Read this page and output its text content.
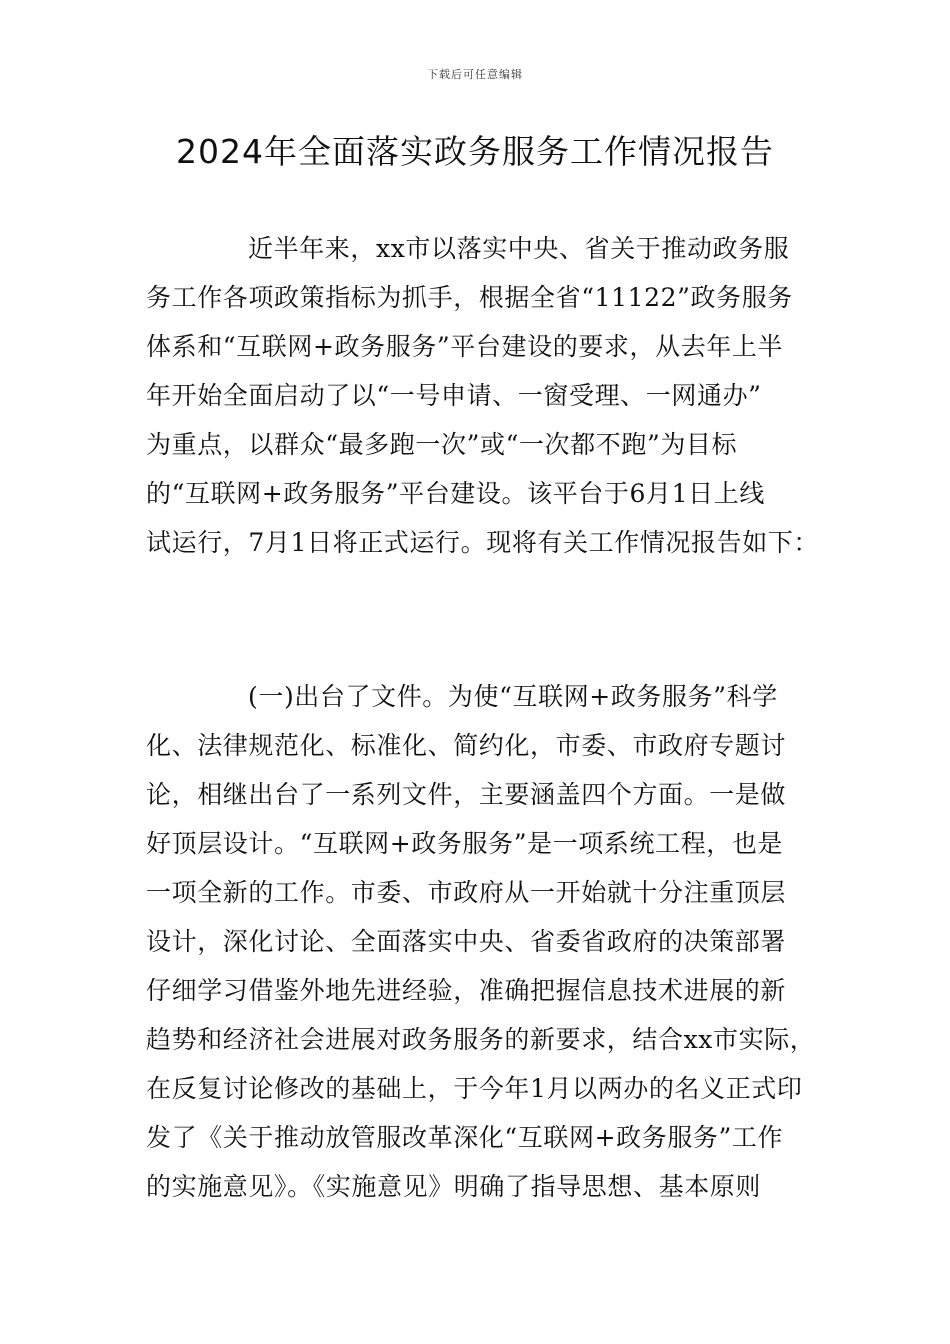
下载后可任意编辑
2024年全面落实政务服务工作情况报告
近半年来，xx市以落实中央、省关于推动政务服
务工作各项政策指标为抓手，根据全省“11122”政务服务
体系和“互联网+政务服务”平台建设的要求，从去年上半
年开始全面启动了以“一号申请、一窗受理、一网通办”
为重点，以群众“最多跑一次”或“一次都不跑”为目标
的“互联网+政务服务”平台建设。该平台于6月1日上线
试运行，7月1日将正式运行。现将有关工作情况报告如下：
(一)出台了文件。为使“互联网+政务服务”科学
化、法律规范化、标准化、简约化，市委、市政府专题讨
论，相继出台了一系列文件，主要涵盖四个方面。一是做
好顶层设计。“互联网+政务服务”是一项系统工程，也是
一项全新的工作。市委、市政府从一开始就十分注重顶层
设计，深化讨论、全面落实中央、省委省政府的决策部署
仔细学习借鉴外地先进经验，准确把握信息技术进展的新
趋势和经济社会进展对政务服务的新要求，结合xx市实际，
在反复讨论修改的基础上，于今年1月以两办的名义正式印
发了《关于推动放管服改革深化“互联网+政务服务”工作
的实施意见》。《实施意见》明确了指导思想、基本原则
